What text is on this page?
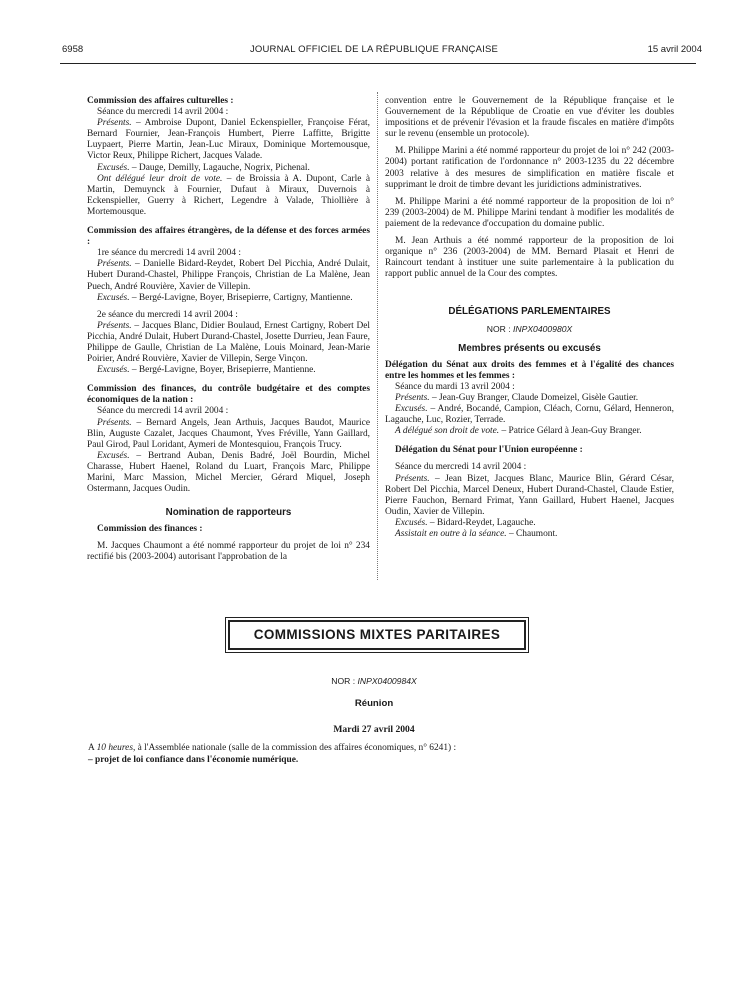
6958	JOURNAL OFFICIEL DE LA RÉPUBLIQUE FRANÇAISE	15 avril 2004

Commission des affaires culturelles :

Séance du mercredi 14 avril 2004 :

Présents. – Ambroise Dupont, Daniel Eckenspieller, Françoise Férat, Bernard Fournier, Jean-François Humbert, Pierre Laffitte, Brigitte Luypaert, Pierre Martin, Jean-Luc Miraux, Dominique Mortemousque, Victor Reux, Philippe Richert, Jacques Valade.

Excusés. – Dauge, Demilly, Lagauche, Nogrix, Pichenal.

Ont délégué leur droit de vote. – de Broissia à A. Dupont, Carle à Martin, Demuynck à Fournier, Dufaut à Miraux, Duvernois à Eckenspieller, Guerry à Richert, Legendre à Valade, Thiollière à Mortemousque.

Commission des affaires étrangères, de la défense et des forces armées :

1re séance du mercredi 14 avril 2004 :

Présents. – Danielle Bidard-Reydet, Robert Del Picchia, André Dulait, Hubert Durand-Chastel, Philippe François, Christian de La Malène, Jean Puech, André Rouvière, Xavier de Villepin.

Excusés. – Bergé-Lavigne, Boyer, Brisepierre, Cartigny, Mantienne.

2e séance du mercredi 14 avril 2004 :

Présents. – Jacques Blanc, Didier Boulaud, Ernest Cartigny, Robert Del Picchia, André Dulait, Hubert Durand-Chastel, Josette Durrieu, Jean Faure, Philippe de Gaulle, Christian de La Malène, Louis Moinard, Jean-Marie Poirier, André Rouvière, Xavier de Villepin, Serge Vinçon.

Excusés. – Bergé-Lavigne, Boyer, Brisepierre, Mantienne.

Commission des finances, du contrôle budgétaire et des comptes économiques de la nation :

Séance du mercredi 14 avril 2004 :

Présents. – Bernard Angels, Jean Arthuis, Jacques Baudot, Maurice Blin, Auguste Cazalet, Jacques Chaumont, Yves Fréville, Yann Gaillard, Paul Girod, Paul Loridant, Aymeri de Montesquiou, François Trucy.

Excusés. – Bertrand Auban, Denis Badré, Joël Bourdin, Michel Charasse, Hubert Haenel, Roland du Luart, François Marc, Philippe Marini, Marc Massion, Michel Mercier, Gérard Miquel, Joseph Ostermann, Jacques Oudin.

Nomination de rapporteurs

Commission des finances :

M. Jacques Chaumont a été nommé rapporteur du projet de loi n° 234 rectifié bis (2003-2004) autorisant l'approbation de la

convention entre le Gouvernement de la République française et le Gouvernement de la République de Croatie en vue d'éviter les doubles impositions et de prévenir l'évasion et la fraude fiscales en matière d'impôts sur le revenu (ensemble un protocole).

M. Philippe Marini a été nommé rapporteur du projet de loi n° 242 (2003-2004) portant ratification de l'ordonnance n° 2003-1235 du 22 décembre 2003 relative à des mesures de simplification en matière fiscale et supprimant le droit de timbre devant les juridictions administratives.

M. Philippe Marini a été nommé rapporteur de la proposition de loi n° 239 (2003-2004) de M. Philippe Marini tendant à modifier les modalités de paiement de la redevance d'occupation du domaine public.

M. Jean Arthuis a été nommé rapporteur de la proposition de loi organique n° 236 (2003-2004) de MM. Bernard Plasait et Henri de Raincourt tendant à instituer une suite parlementaire à la publication du rapport public annuel de la Cour des comptes.

DÉLÉGATIONS PARLEMENTAIRES

NOR : INPX0400980X

Membres présents ou excusés

Délégation du Sénat aux droits des femmes et à l'égalité des chances entre les hommes et les femmes :

Séance du mardi 13 avril 2004 :

Présents. – Jean-Guy Branger, Claude Domeizel, Gisèle Gautier.

Excusés. – André, Bocandé, Campion, Cléach, Cornu, Gélard, Henneron, Lagauche, Luc, Rozier, Terrade.

A délégué son droit de vote. – Patrice Gélard à Jean-Guy Branger.

Délégation du Sénat pour l'Union européenne :

Séance du mercredi 14 avril 2004 :

Présents. – Jean Bizet, Jacques Blanc, Maurice Blin, Gérard César, Robert Del Picchia, Marcel Deneux, Hubert Durand-Chastel, Claude Estier, Pierre Fauchon, Bernard Frimat, Yann Gaillard, Hubert Haenel, Jacques Oudin, Xavier de Villepin.

Excusés. – Bidard-Reydet, Lagauche.

Assistait en outre à la séance. – Chaumont.

COMMISSIONS MIXTES PARITAIRES
NOR : INPX0400984X
Réunion
Mardi 27 avril 2004

A 10 heures, à l'Assemblée nationale (salle de la commission des affaires économiques, n° 6241) :

– projet de loi confiance dans l'économie numérique.
